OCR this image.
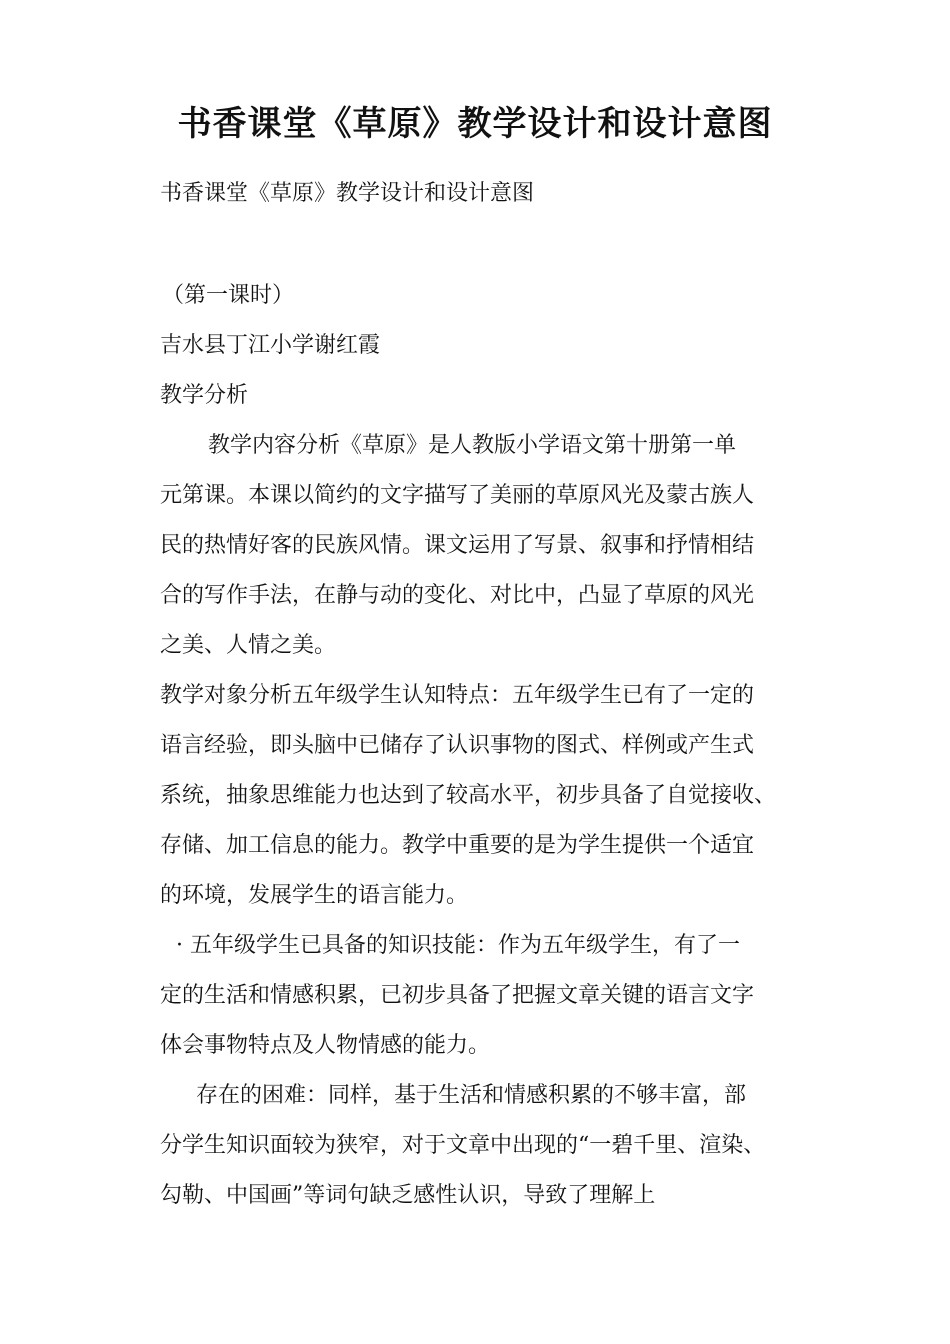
书香课堂《草原》教学设计和设计意图
书香课堂《草原》教学设计和设计意图
（第一课时）
吉水县丁江小学谢红霞
教学分析
教学内容分析《草原》是人教版小学语文第十册第一单
元第课。本课以简约的文字描写了美丽的草原风光及蒙古族人
民的热情好客的民族风情。课文运用了写景、叙事和抒情相结
合的写作手法，在静与动的变化、对比中，凸显了草原的风光
之美、人情之美。
教学对象分析五年级学生认知特点：五年级学生已有了一定的
语言经验，即头脑中已储存了认识事物的图式、样例或产生式
系统，抽象思维能力也达到了较高水平，初步具备了自觉接收、
存储、加工信息的能力。教学中重要的是为学生提供一个适宜
的环境，发展学生的语言能力。
· 五年级学生已具备的知识技能：作为五年级学生，有了一
定的生活和情感积累，已初步具备了把握文章关键的语言文字
体会事物特点及人物情感的能力。
存在的困难：同样，基于生活和情感积累的不够丰富，部
分学生知识面较为狭窄，对于文章中出现的“一碧千里、渲染、
勾勒、中国画”等词句缺乏感性认识，导致了理解上
